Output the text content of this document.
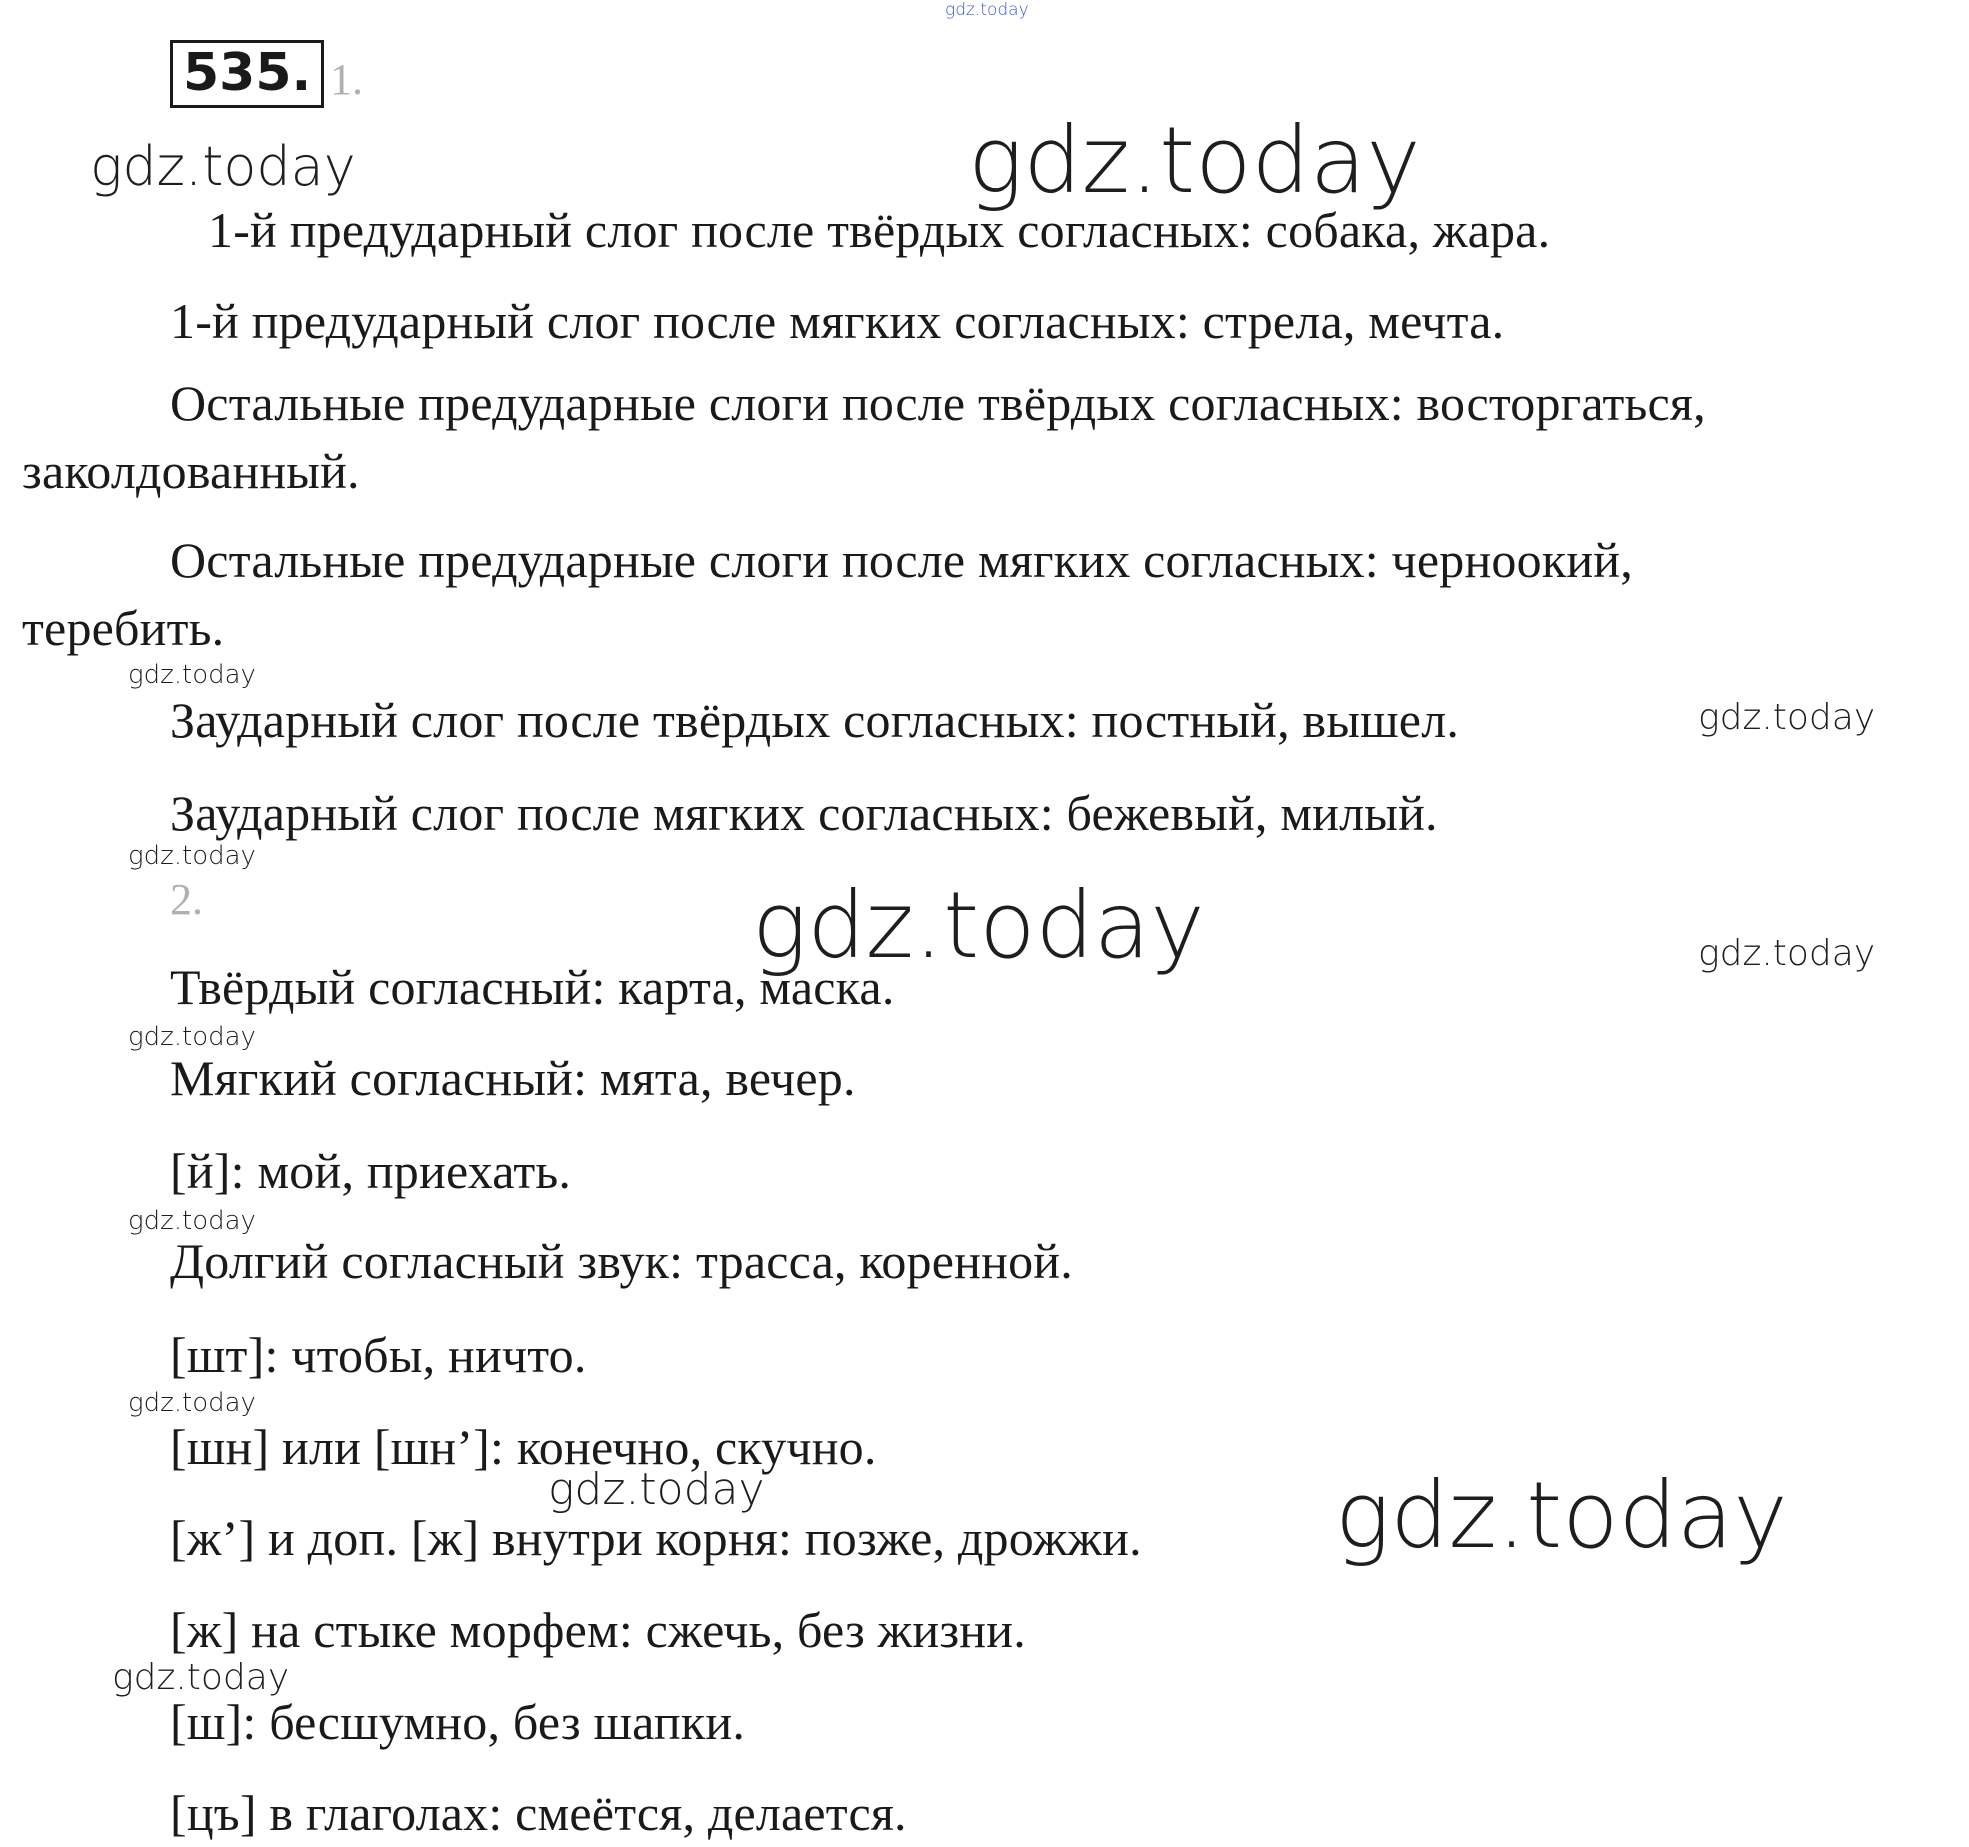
gdz.today
gdz.today	gdz.today
gdz.today
gdz.today
gdz.today
gdz.today	gdz.today
gdz.today
gdz.today
gdz.today
gdz.today	gdz.today
gdz.today
535. 1.
1-й предударный слог после твёрдых согласных: собака, жара.
1-й предударный слог после мягких согласных: стрела, мечта.
Остальные предударные слоги после твёрдых согласных: восторгаться,
заколдованный.
Остальные предударные слоги после мягких согласных: черноокий,
теребить.
Заударный слог после твёрдых согласных: постный, вышел.
Заударный слог после мягких согласных: бежевый, милый.
2.
Твёрдый согласный: карта, маска.
Мягкий согласный: мята, вечер.
[й]: мой, приехать.
Долгий согласный звук: трасса, коренной.
[шт]: чтобы, ничто.
[шн] или [шн’]: конечно, скучно.
[ж’] и доп. [ж] внутри корня: позже, дрожжи.
[ж] на стыке морфем: сжечь, без жизни.
[ш]: бесшумно, без шапки.
[цъ] в глаголах: смеётся, делается.
